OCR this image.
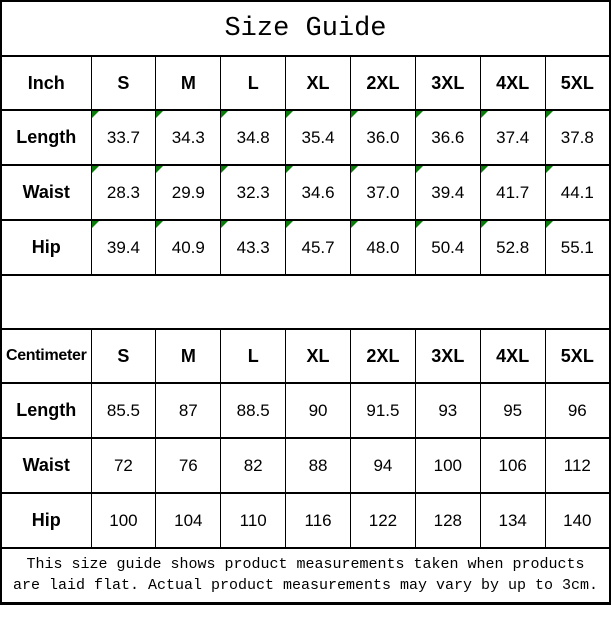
Size Guide								

Inch	S	M	L	XL	2XL	3XL	4XL	5XL
Length	33.7	34.3	34.8	35.4	36.0	36.6	37.4	37.8
Waist	28.3	29.9	32.3	34.6	37.0	39.4	41.7	44.1
Hip	39.4	40.9	43.3	45.7	48.0	50.4	52.8	55.1

Centimeter	S	M	L	XL	2XL	3XL	4XL	5XL
Length	85.5	87	88.5	90	91.5	93	95	96
Waist	72	76	82	88	94	100	106	112
Hip	100	104	110	116	122	128	134	140

This size guide shows product measurements taken when products
are laid flat. Actual product measurements may vary by up to 3cm.								
